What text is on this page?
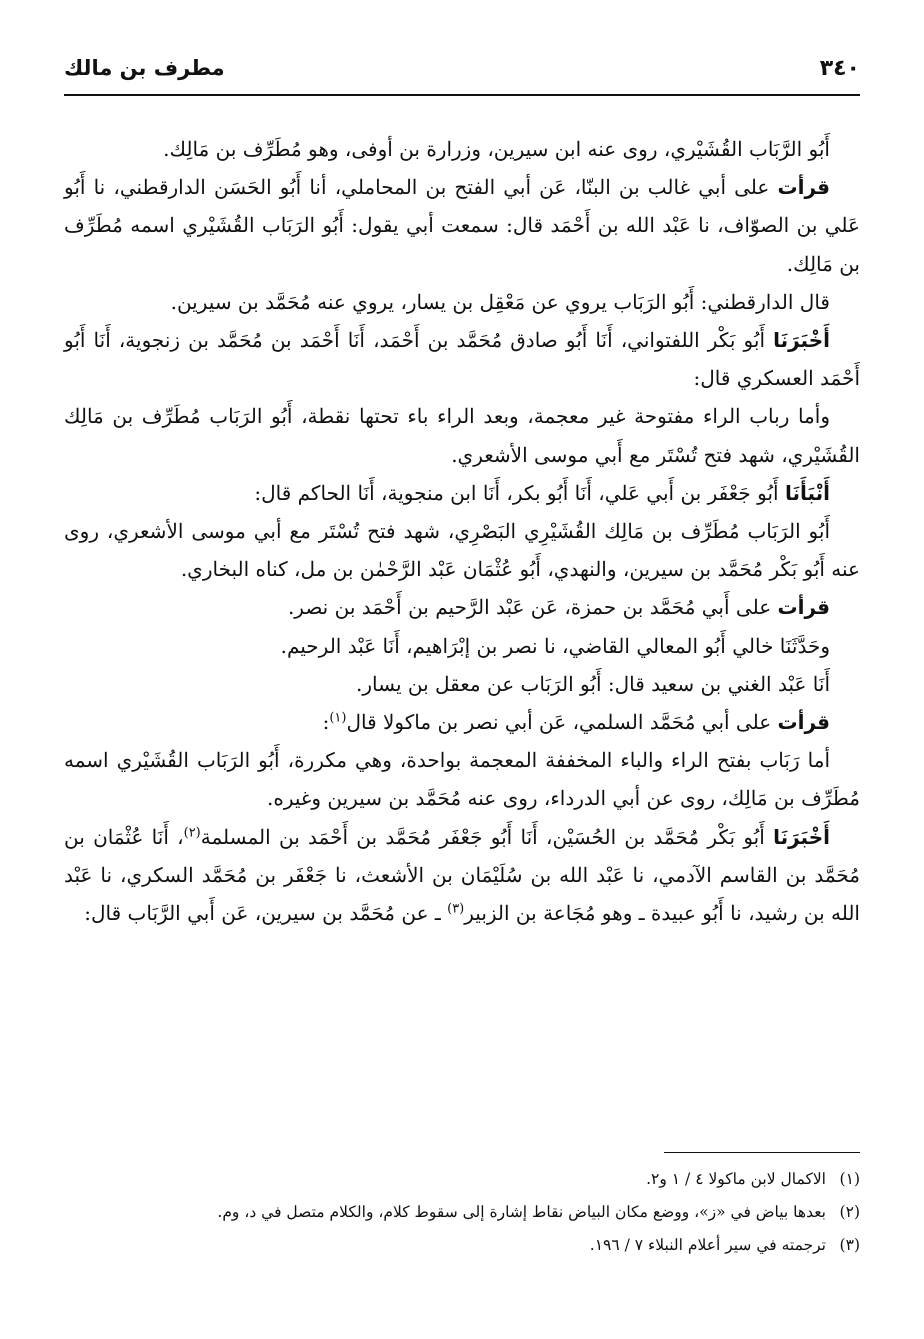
٣٤٠
مطرف بن مالك

أَبُو الرَّبَاب القُشَيْري، روى عنه ابن سيرين، وزرارة بن أوفى، وهو مُطَرِّف بن مَالِك.

قرأت على أبي غالب بن البنّا، عَن أبي الفتح بن المحاملي، أنا أَبُو الحَسَن الدارقطني، نا أَبُو عَلي بن الصوّاف، نا عَبْد الله بن أَحْمَد قال: سمعت أبي يقول: أَبُو الرَبَاب القُشَيْري اسمه مُطَرِّف بن مَالِك.

قال الدارقطني: أَبُو الرَبَاب يروي عن مَعْقِل بن يسار، يروي عنه مُحَمَّد بن سيرين.

أَخْبَرَنَا أَبُو بَكْر اللفتواني، أَنَا أَبُو صادق مُحَمَّد بن أَحْمَد، أَنَا أَحْمَد بن مُحَمَّد بن زنجوية، أَنَا أَبُو أَحْمَد العسكري قال:

وأما رباب الراء مفتوحة غير معجمة، وبعد الراء باء تحتها نقطة، أَبُو الرَبَاب مُطَرِّف بن مَالِك القُشَيْري، شهد فتح تُسْتَر مع أَبي موسى الأشعري.

أَنْبَأَنَا أَبُو جَعْفَر بن أَبي عَلي، أَنَا أَبُو بكر، أَنَا ابن منجوية، أَنَا الحاكم قال:

أَبُو الرَبَاب مُطَرِّف بن مَالِك القُشَيْرِي البَصْرِي، شهد فتح تُسْتَر مع أبي موسى الأشعري، روى عنه أَبُو بَكْر مُحَمَّد بن سيرين، والنهدي، أَبُو عُثْمَان عَبْد الرَّحْمٰن بن مل، كناه البخاري.

قرأت على أَبي مُحَمَّد بن حمزة، عَن عَبْد الرَّحيم بن أَحْمَد بن نصر.

وحَدَّثَنَا خالي أَبُو المعالي القاضي، نا نصر بن إبْرَاهيم، أَنَا عَبْد الرحيم.

أَنَا عَبْد الغني بن سعيد قال: أَبُو الرَبَاب عن معقل بن يسار.

قرأت على أبي مُحَمَّد السلمي، عَن أبي نصر بن ماكولا قال$^{(١)}$:

أما رَبَاب بفتح الراء والباء المخففة المعجمة بواحدة، وهي مكررة، أَبُو الرَبَاب القُشَيْري اسمه مُطَرِّف بن مَالِك، روى عن أبي الدرداء، روى عنه مُحَمَّد بن سيرين وغيره.

أَخْبَرَنَا أَبُو بَكْر مُحَمَّد بن الحُسَيْن، أَنَا أَبُو جَعْفَر مُحَمَّد بن أَحْمَد بن المسلمة$^{(٢)}$، أَنَا عُثْمَان بن مُحَمَّد بن القاسم الآدمي، نا عَبْد الله بن سُلَيْمَان بن الأشعث، نا جَعْفَر بن مُحَمَّد السكري، نا عَبْد الله بن رشيد، نا أَبُو عبيدة ـ وهو مُجَاعة بن الزبير$^{(٣)}$ ـ عن مُحَمَّد بن سيرين، عَن أَبي الرَّبَاب قال:

(١)الاكمال لابن ماكولا ٤ / ١ و٢.
(٢)بعدها بياض في «ز»، ووضع مكان البياض نقاط إشارة إلى سقوط كلام، والكلام متصل في د، وم.
(٣)ترجمته في سير أعلام النبلاء ٧ / ١٩٦.
